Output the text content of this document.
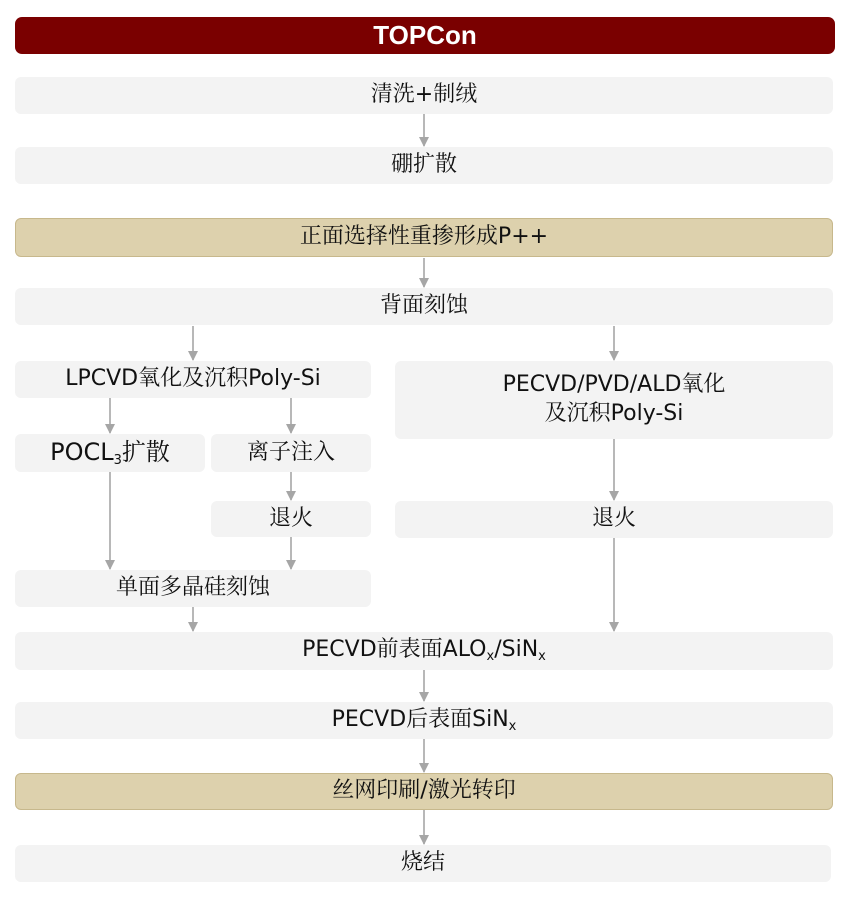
TOPCon
清洗+制绒
硼扩散
正面选择性重掺形成P++
背面刻蚀
LPCVD氧化及沉积Poly-Si	PECVD/PVD/ALD氧化
及沉积Poly-Si
$POCL_3$扩散	离子注入
退火	退火
单面多晶硅刻蚀
PECVD前表面$ALO_x/SiN_x$
PECVD后表面SiN$_x$
丝网印刷/激光转印
烧结
